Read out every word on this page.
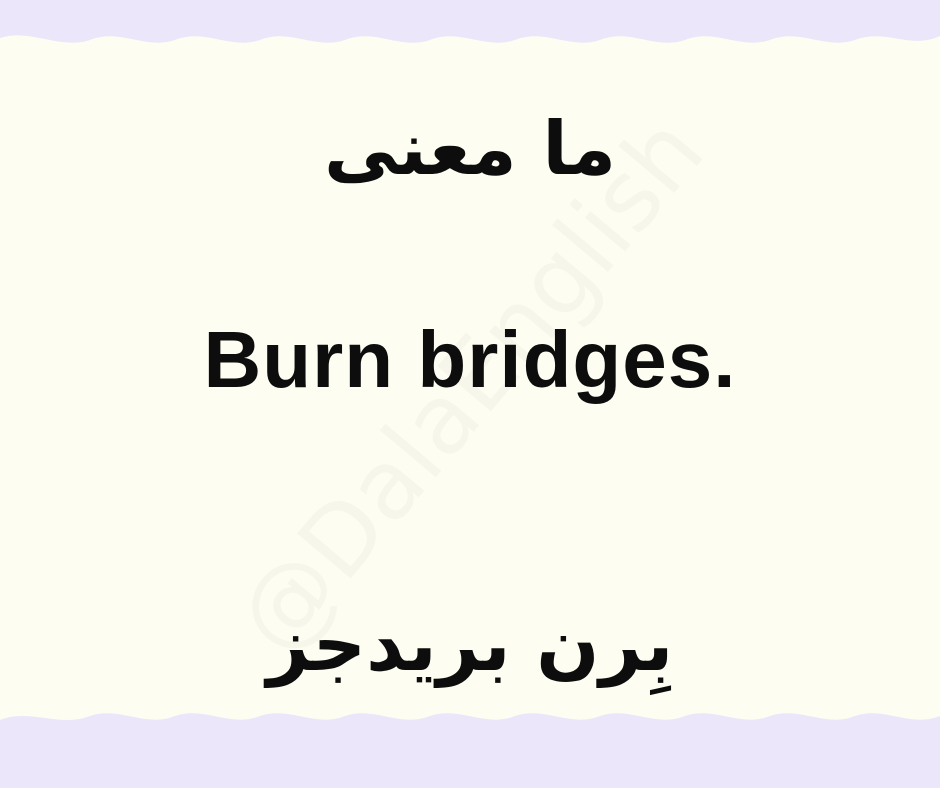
ما معنى
Burn bridges.
بِرن بريدجز
